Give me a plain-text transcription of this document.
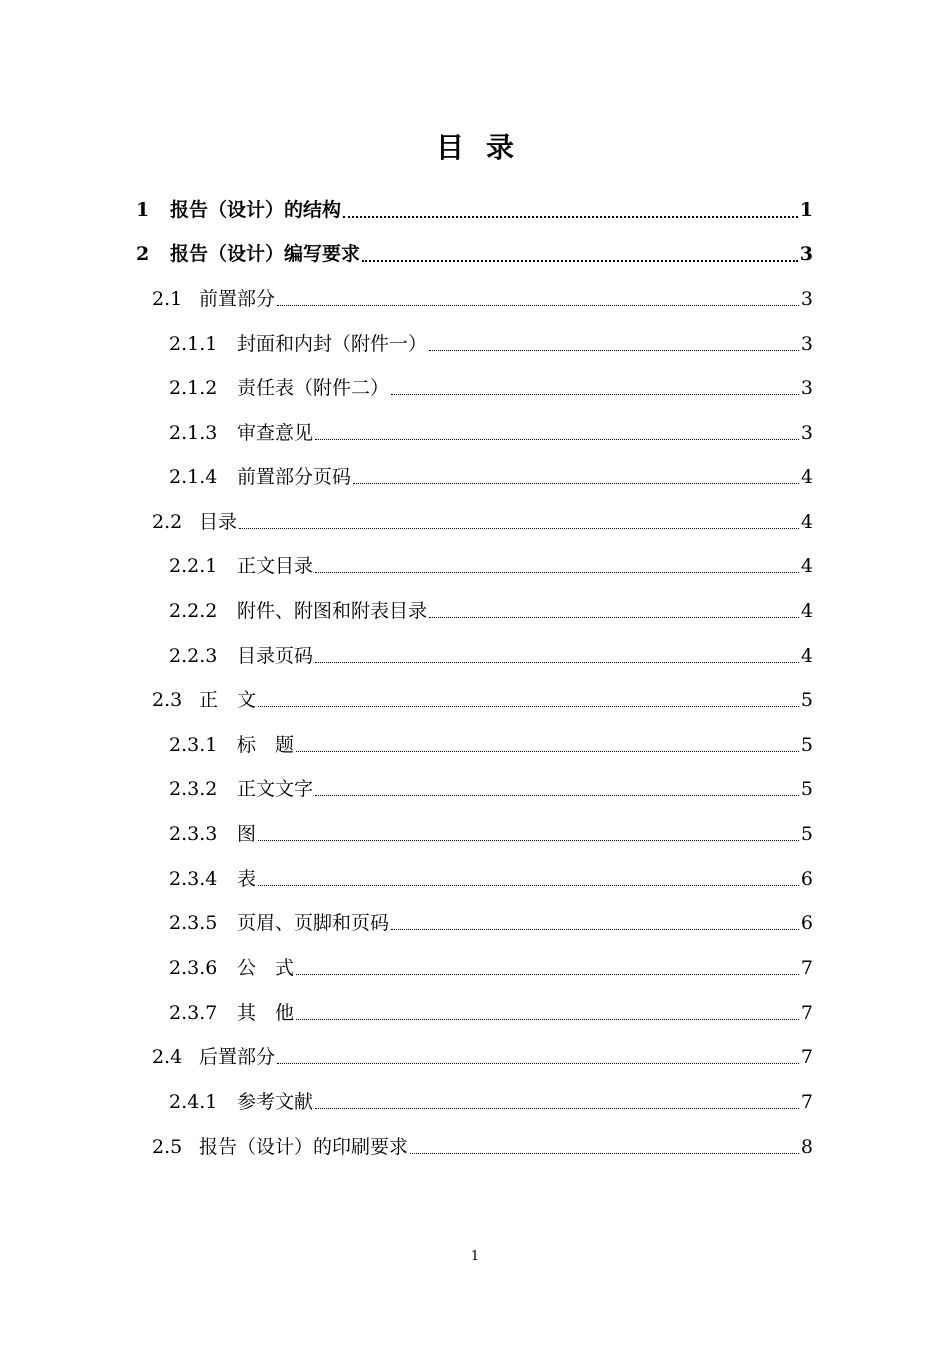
目录
1	报告（设计）的结构	1
2	报告（设计）编写要求	3
2.1 前置部分	3
2.1.1	封面和内封（附件一）	3
2.1.2	责任表（附件二）	3
2.1.3	审查意见	3
2.1.4	前置部分页码	4
2.2 目录	4
2.2.1	正文目录	4
2.2.2	附件、附图和附表目录	4
2.2.3	目录页码	4
2.3 正　文	5
2.3.1	标　题	5
2.3.2	正文文字	5
2.3.3	图	5
2.3.4	表	6
2.3.5	页眉、页脚和页码	6
2.3.6	公　式	7
2.3.7	其　他	7
2.4 后置部分	7
2.4.1	参考文献	7
2.5 报告（设计）的印刷要求	8
1
